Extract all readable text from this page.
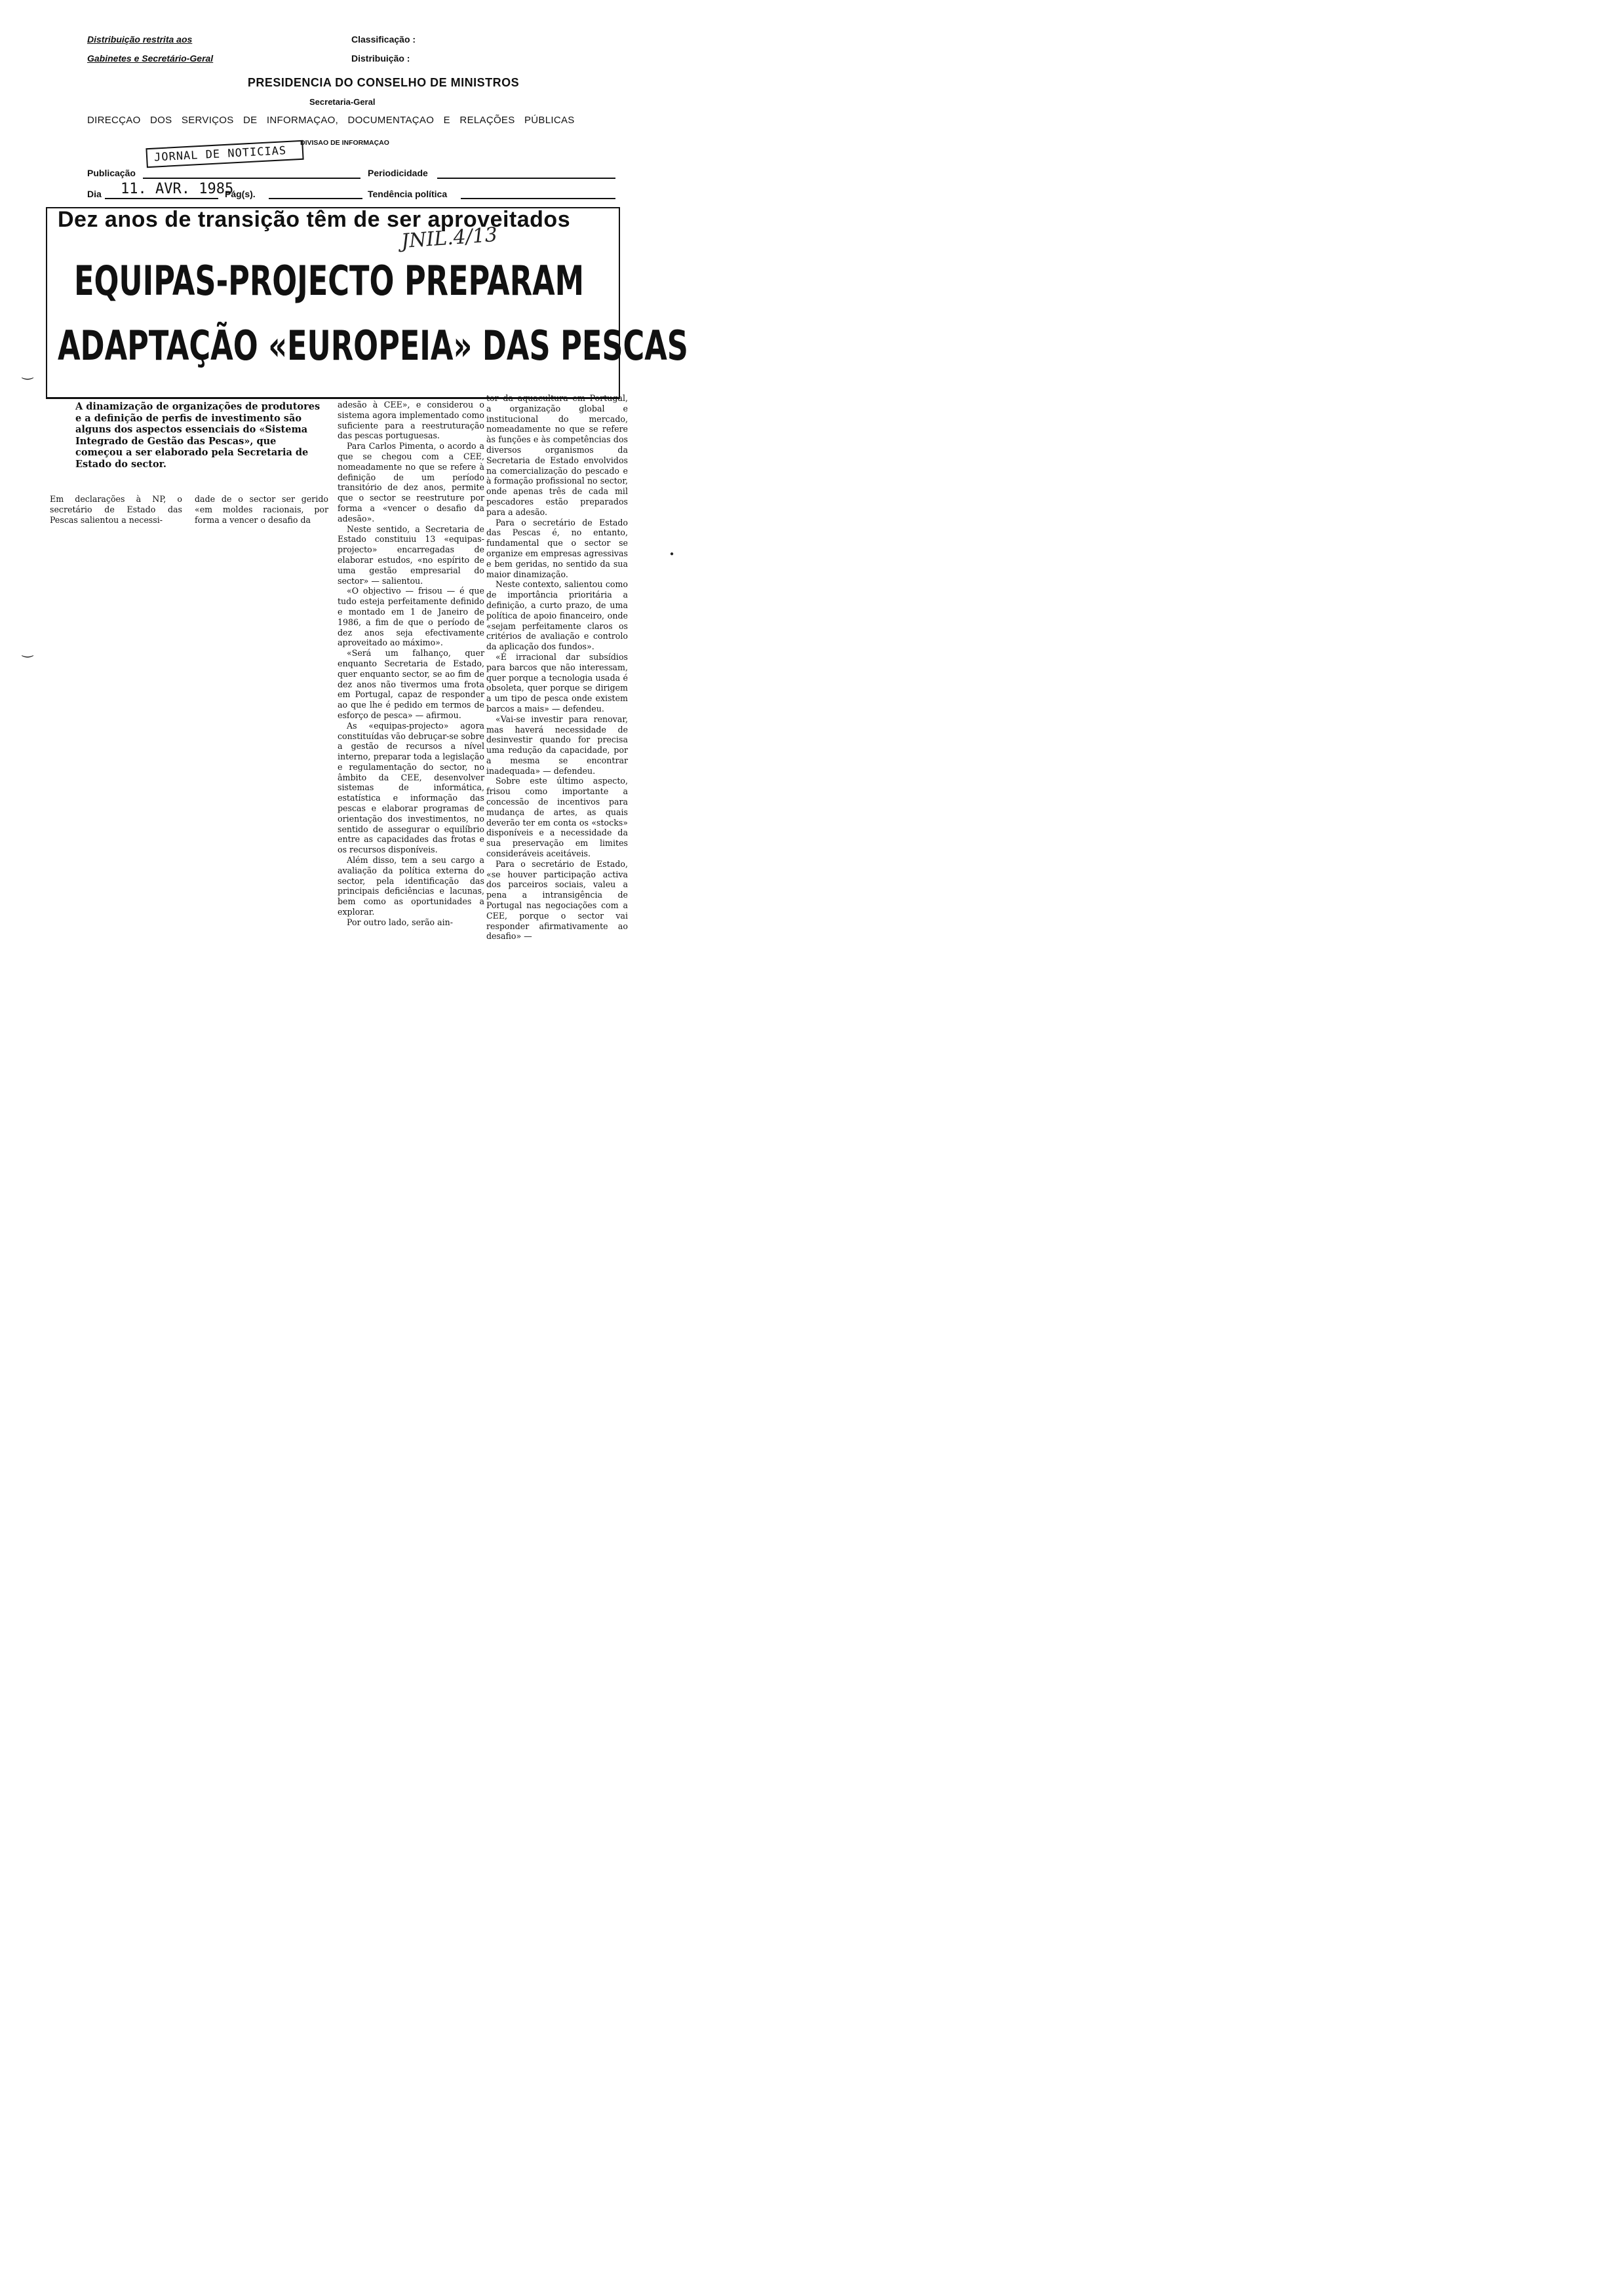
Distribuição restrita aos
Gabinetes e Secretário-Geral
Classificação :
Distribuição :
PRESIDENCIA DO CONSELHO DE MINISTROS
Secretaria-Geral
DIRECÇAO DOS SERVIÇOS DE INFORMAÇAO, DOCUMENTAÇAO E RELAÇÕES PÚBLICAS
DIVISAO DE INFORMAÇAO
JORNAL DE NOTICIAS
Publicação	Periodicidade
Dia 11. AVR. 1985
Pág(s).	Tendência política
Dez anos de transição têm de ser aproveitados
JNIL.4/13
EQUIPAS-PROJECTO PREPARAM
ADAPTAÇÃO «EUROPEIA» DAS PESCAS
A dinamização de organizações de produtores e a definição de perfis de investimento são alguns dos aspectos essenciais do «Sistema Integrado de Gestão das Pescas», que começou a ser elaborado pela Secretaria de Estado do sector.

Em declarações à NP, o secretário de Estado das Pescas salientou a necessi-

dade de o sector ser gerido «em moldes racionais, por forma a vencer o desafio da

adesão à CEE», e considerou o sistema agora implementado como suficiente para a reestruturação das pescas portuguesas.

Para Carlos Pimenta, o acordo a que se chegou com a CEE, nomeadamente no que se refere à definição de um período transitório de dez anos, permite que o sector se reestruture por forma a «vencer o desafio da adesão».

Neste sentido, a Secretaria de Estado constituiu 13 «equipas-projecto» encarregadas de elaborar estudos, «no espírito de uma gestão empresarial do sector» — salientou.

«O objectivo — frisou — é que tudo esteja perfeitamente definido e montado em 1 de Janeiro de 1986, a fim de que o período de dez anos seja efectivamente aproveitado ao máximo».

«Será um falhanço, quer enquanto Secretaria de Estado, quer enquanto sector, se ao fim de dez anos não tivermos uma frota em Portugal, capaz de responder ao que lhe é pedido em termos de esforço de pesca» — afirmou.

As «equipas-projecto» agora constituídas vão debruçar-se sobre a gestão de recursos a nível interno, preparar toda a legislação e regulamentação do sector, no âmbito da CEE, desenvolver sistemas de informática, estatística e informação das pescas e elaborar programas de orientação dos investimentos, no sentido de assegurar o equilíbrio entre as capacidades das frotas e os recursos disponíveis.

Além disso, tem a seu cargo a avaliação da política externa do sector, pela identificação das principais deficiências e lacunas, bem como as oportunidades a explorar.

Por outro lado, serão ain-

tor da aquacultura em Portugal, a organização global e institucional do mercado, nomeadamente no que se refere às funções e às competências dos diversos organismos da Secretaria de Estado envolvidos na comercialização do pescado e à formação profissional no sector, onde apenas três de cada mil pescadores estão preparados para a adesão.

Para o secretário de Estado das Pescas é, no entanto, fundamental que o sector se organize em empresas agressivas e bem geridas, no sentido da sua maior dinamização.

Neste contexto, salientou como de importância prioritária a definição, a curto prazo, de uma política de apoio financeiro, onde «sejam perfeitamente claros os critérios de avaliação e controlo da aplicação dos fundos».

«É irracional dar subsídios para barcos que não interessam, quer porque a tecnologia usada é obsoleta, quer porque se dirigem a um tipo de pesca onde existem barcos a mais» — defendeu.

«Vai-se investir para renovar, mas haverá necessidade de desinvestir quando for precisa uma redução da capacidade, por a mesma se encontrar inadequada» — defendeu.

Sobre este último aspecto, frisou como importante a concessão de incentivos para mudança de artes, as quais deverão ter em conta os «stocks» disponíveis e a necessidade da sua preservação em limites consideráveis aceitáveis.

Para o secretário de Estado, «se houver participação activa dos parceiros sociais, valeu a pena a intransigência de Portugal nas negociações com a CEE, porque o sector vai responder afirmativamente ao desafio» —

‿
‿
●
